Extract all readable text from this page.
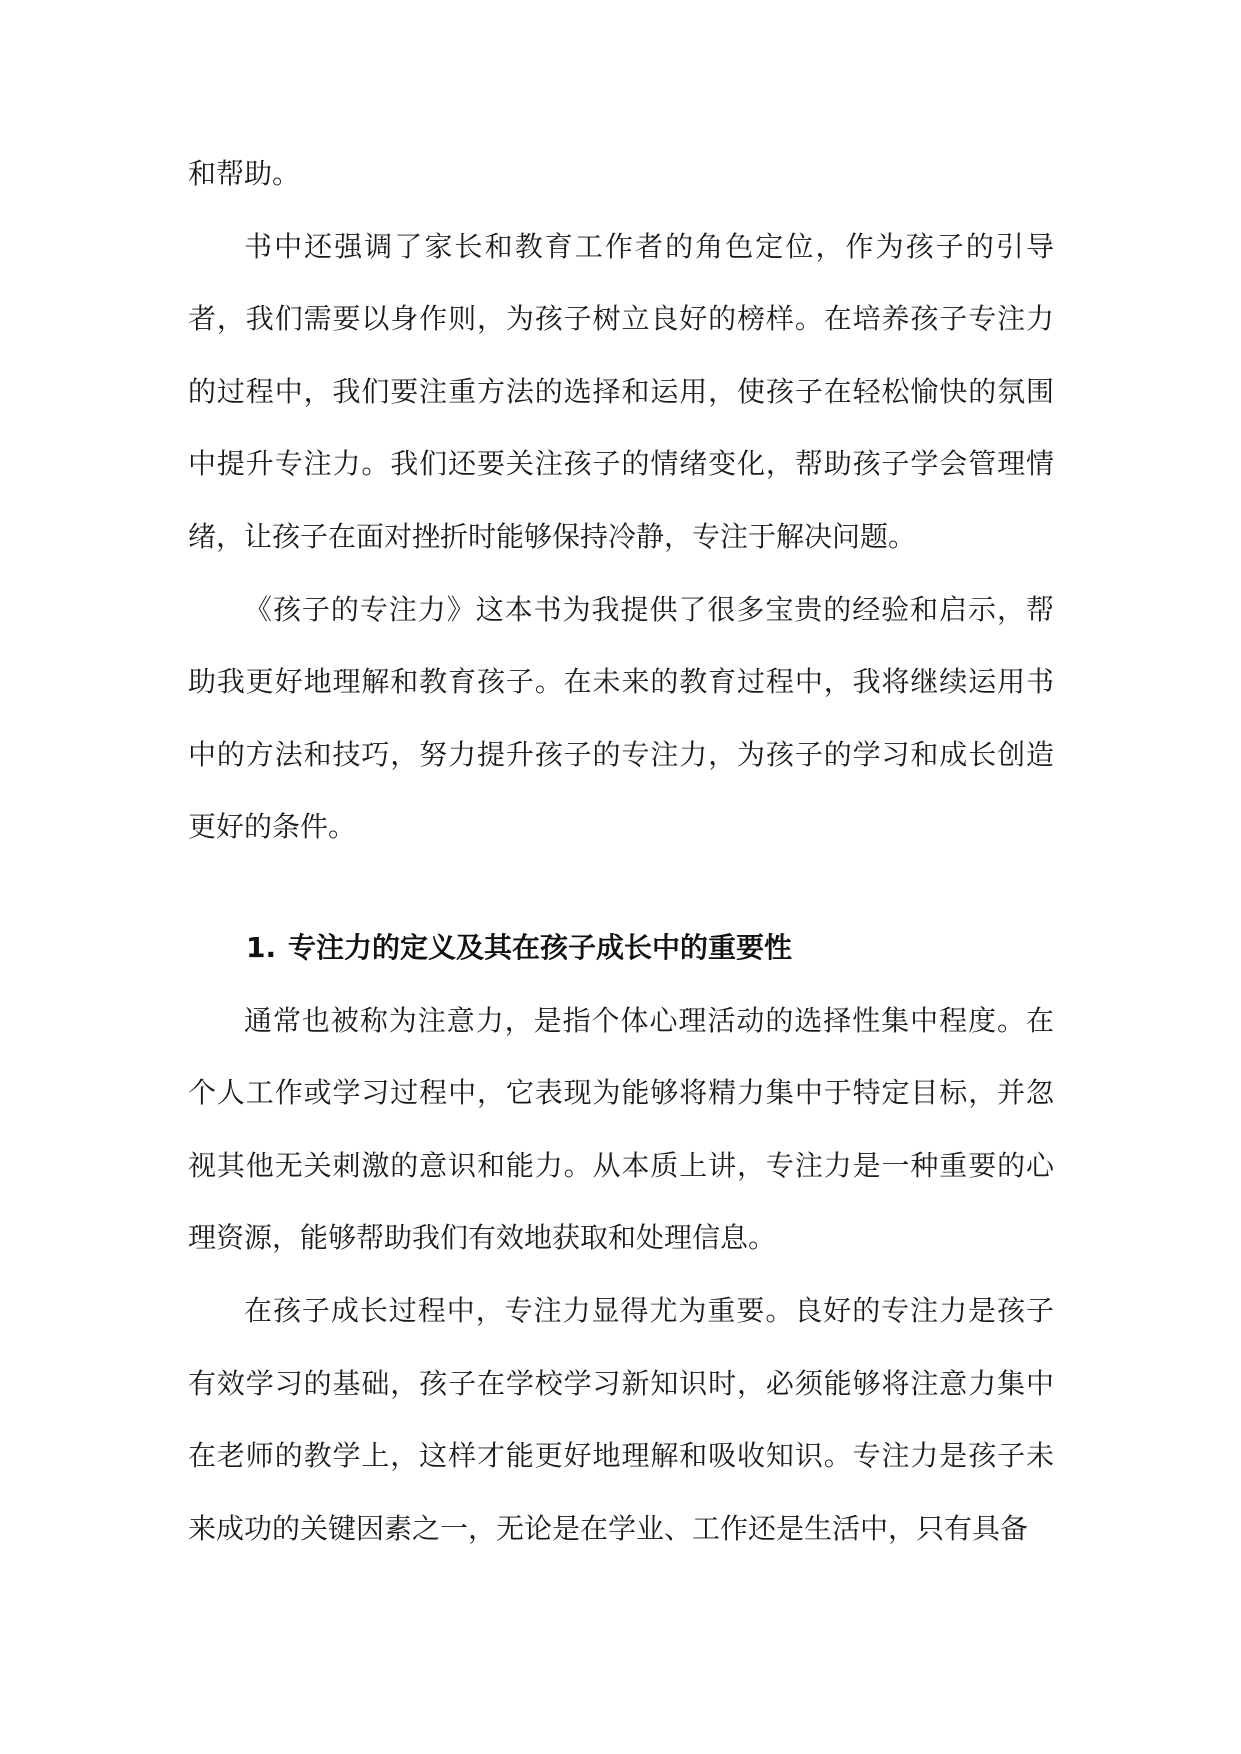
和帮助。

书中还强调了家长和教育工作者的角色定位，作为孩子的引导者，我们需要以身作则，为孩子树立良好的榜样。在培养孩子专注力的过程中，我们要注重方法的选择和运用，使孩子在轻松愉快的氛围中提升专注力。我们还要关注孩子的情绪变化，帮助孩子学会管理情绪，让孩子在面对挫折时能够保持冷静，专注于解决问题。

《孩子的专注力》这本书为我提供了很多宝贵的经验和启示，帮助我更好地理解和教育孩子。在未来的教育过程中，我将继续运用书中的方法和技巧，努力提升孩子的专注力，为孩子的学习和成长创造更好的条件。

1. 专注力的定义及其在孩子成长中的重要性

通常也被称为注意力，是指个体心理活动的选择性集中程度。在个人工作或学习过程中，它表现为能够将精力集中于特定目标，并忽视其他无关刺激的意识和能力。从本质上讲，专注力是一种重要的心理资源，能够帮助我们有效地获取和处理信息。

在孩子成长过程中，专注力显得尤为重要。良好的专注力是孩子有效学习的基础，孩子在学校学习新知识时，必须能够将注意力集中在老师的教学上，这样才能更好地理解和吸收知识。专注力是孩子未来成功的关键因素之一，无论是在学业、工作还是生活中，只有具备
